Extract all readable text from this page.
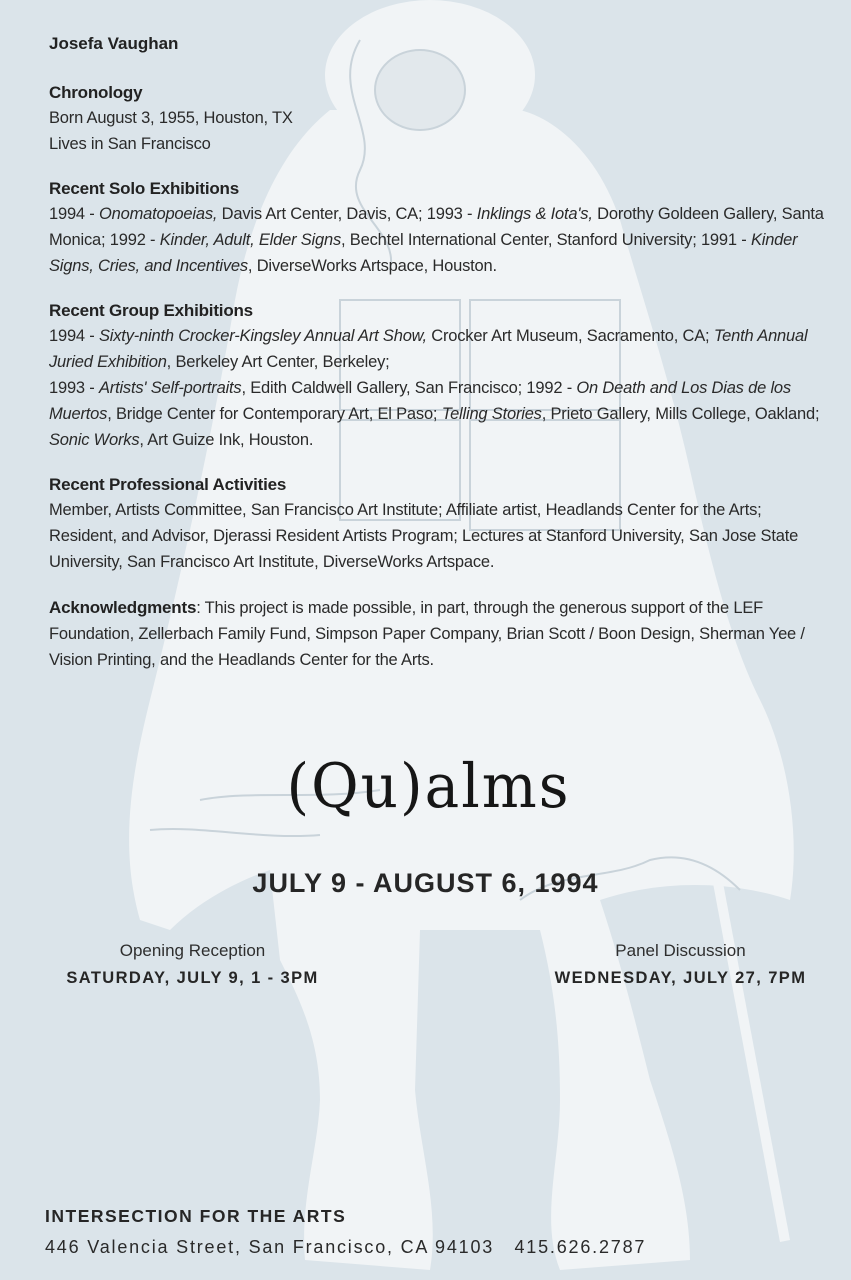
Josefa Vaughan
Chronology
Born August 3, 1955, Houston, TX
Lives in San Francisco
Recent Solo Exhibitions
1994 - Onomatopoeias, Davis Art Center, Davis, CA; 1993 - Inklings & Iota's, Dorothy Goldeen Gallery, Santa Monica; 1992 - Kinder, Adult, Elder Signs, Bechtel International Center, Stanford University; 1991 - Kinder Signs, Cries, and Incentives, DiverseWorks Artspace, Houston.
Recent Group Exhibitions
1994 - Sixty-ninth Crocker-Kingsley Annual Art Show, Crocker Art Museum, Sacramento, CA; Tenth Annual Juried Exhibition, Berkeley Art Center, Berkeley;
1993 - Artists' Self-portraits, Edith Caldwell Gallery, San Francisco; 1992 - On Death and Los Dias de los Muertos, Bridge Center for Contemporary Art, El Paso; Telling Stories, Prieto Gallery, Mills College, Oakland; Sonic Works, Art Guize Ink, Houston.
Recent Professional Activities
Member, Artists Committee, San Francisco Art Institute; Affiliate artist, Headlands Center for the Arts; Resident, and Advisor, Djerassi Resident Artists Program; Lectures at Stanford University, San Jose State University, San Francisco Art Institute, DiverseWorks Artspace.
Acknowledgments: This project is made possible, in part, through the generous support of the LEF Foundation, Zellerbach Family Fund, Simpson Paper Company, Brian Scott / Boon Design, Sherman Yee / Vision Printing, and the Headlands Center for the Arts.
(Qu)alms
JULY 9 - AUGUST 6, 1994
Opening Reception
SATURDAY, JULY 9, 1 - 3PM
Panel Discussion
WEDNESDAY, JULY 27, 7PM
INTERSECTION FOR THE ARTS
446 Valencia Street, San Francisco, CA 94103   415.626.2787
